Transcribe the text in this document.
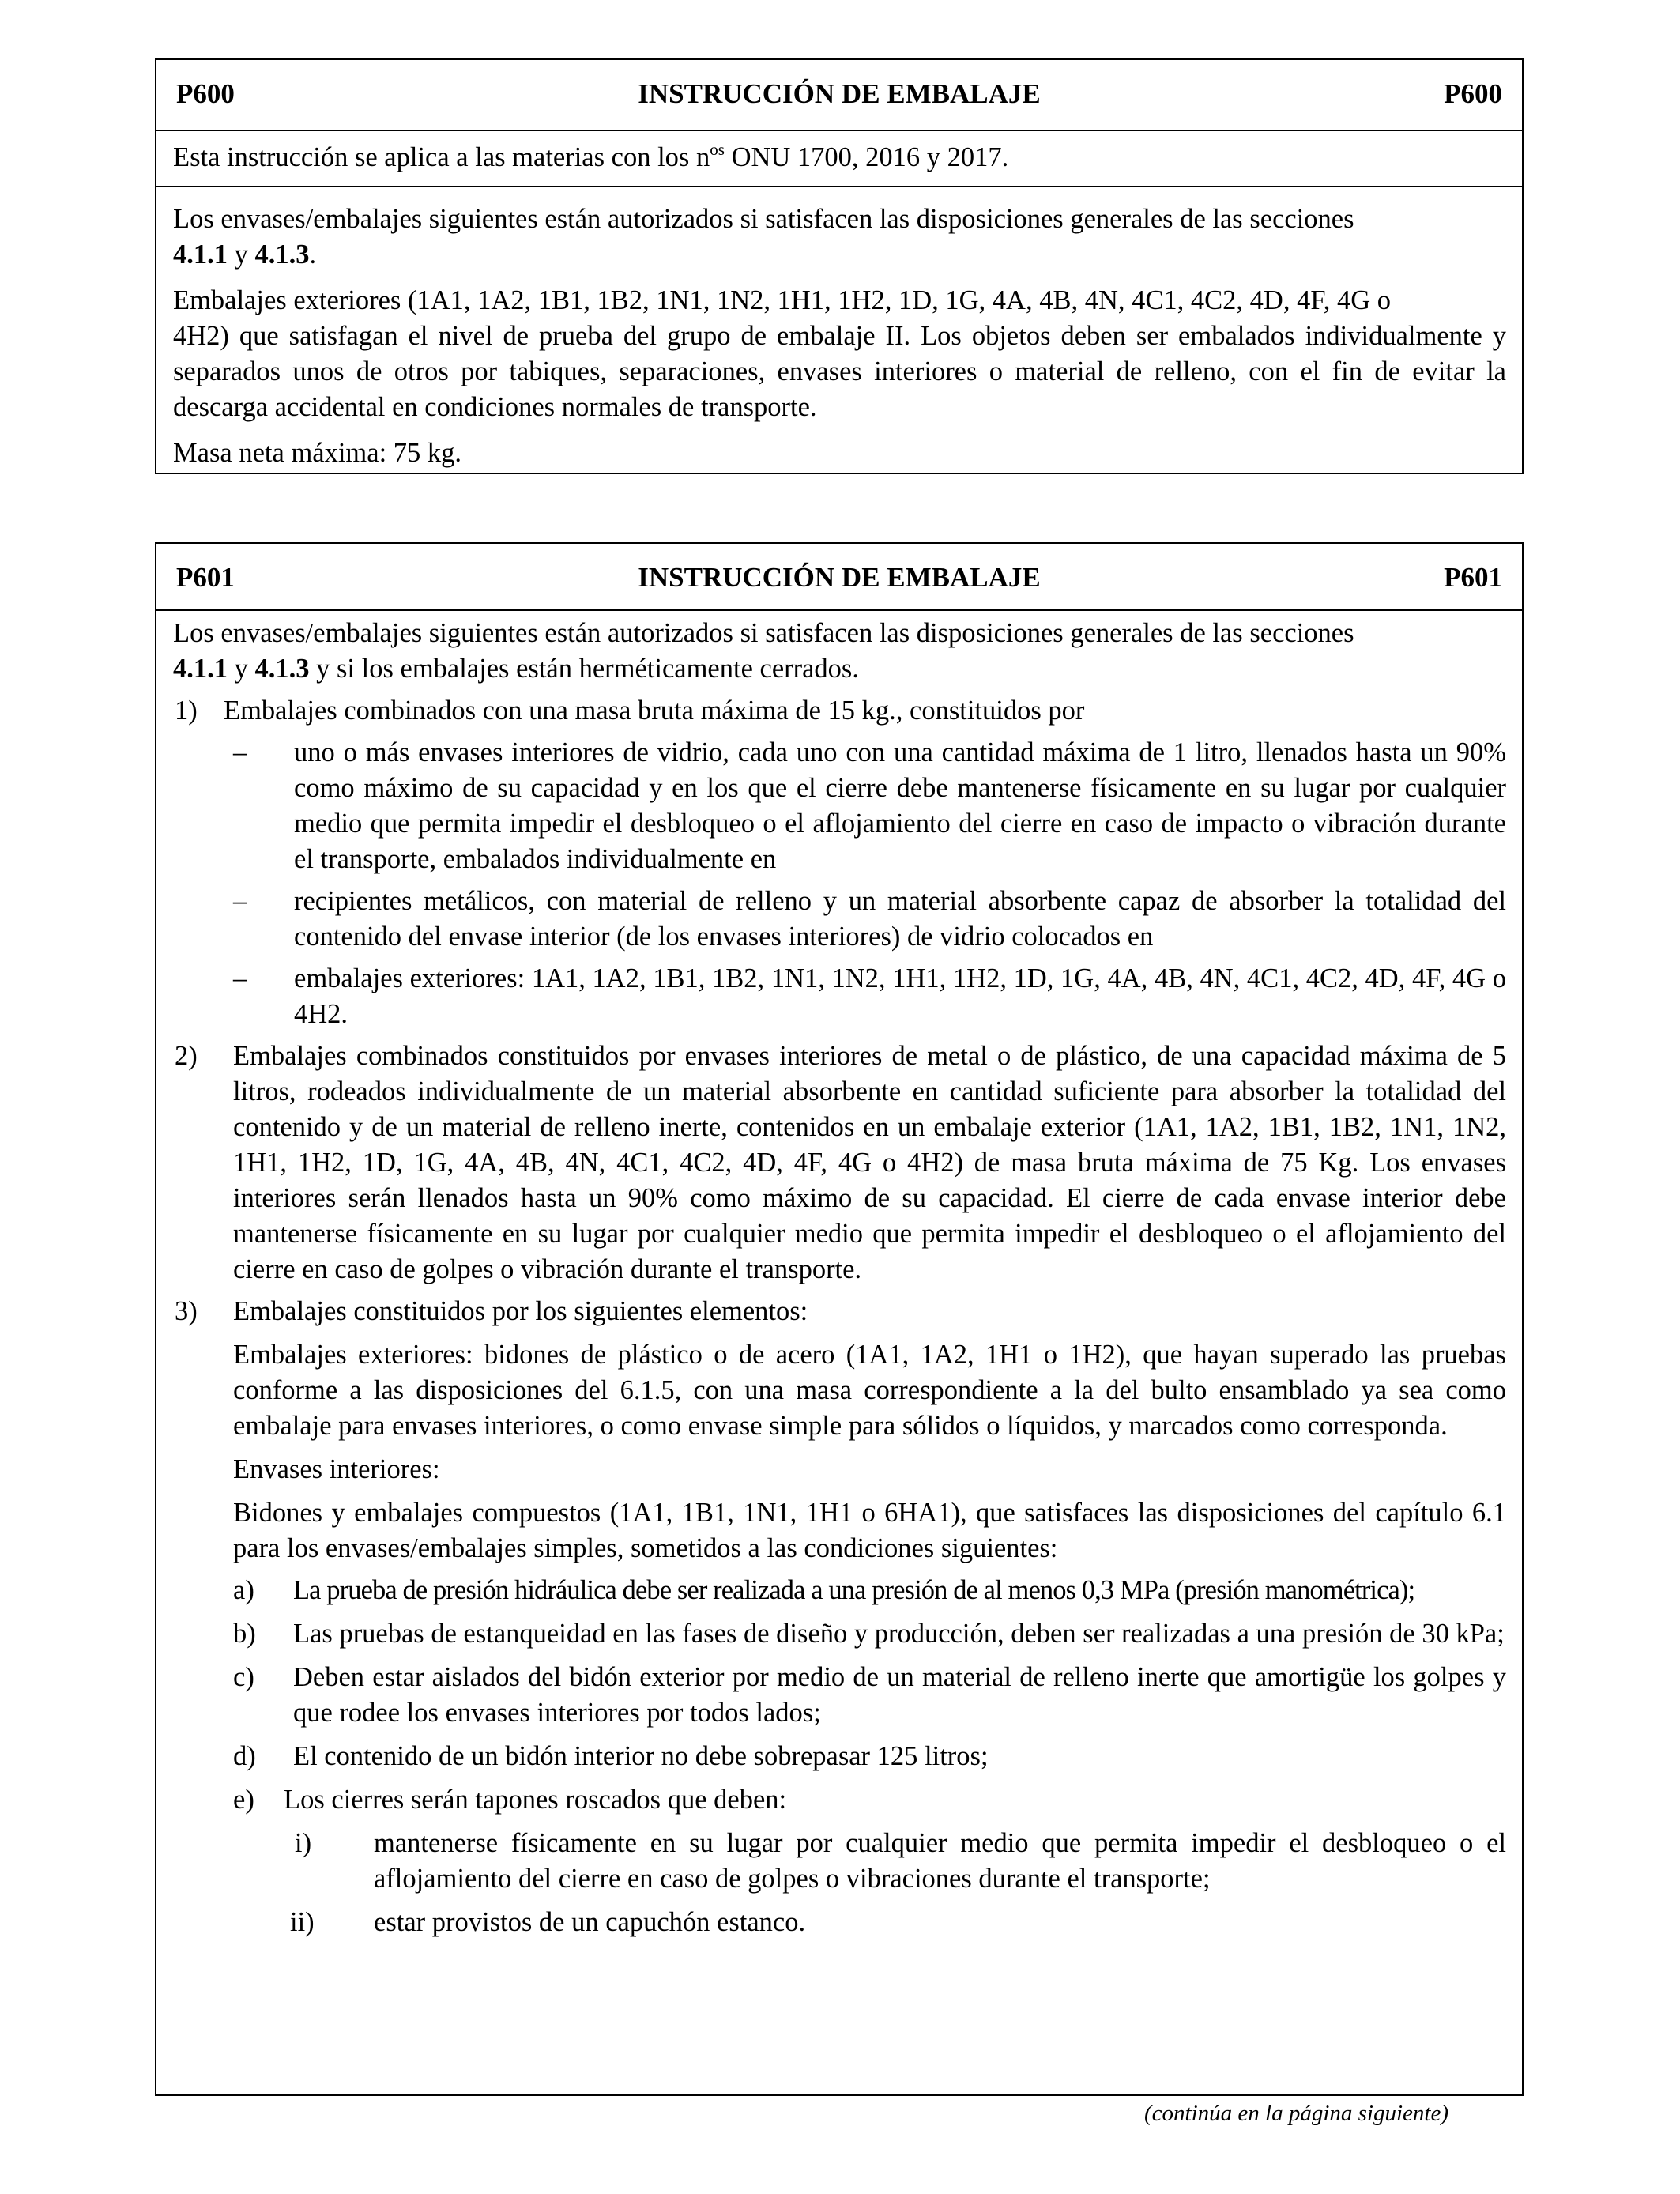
P600	INSTRUCCIÓN DE EMBALAJE	P600

Esta instrucción se aplica a las materias con los $n^{os}$ ONU 1700, 2016 y 2017.

Los envases/embalajes siguientes están autorizados si satisfacen las disposiciones generales de las secciones
4.1.1 y 4.1.3.

Embalajes exteriores (1A1, 1A2, 1B1, 1B2, 1N1, 1N2, 1H1, 1H2, 1D, 1G, 4A, 4B, 4N, 4C1, 4C2, 4D, 4F, 4G o
4H2) que satisfagan el nivel de prueba del grupo de embalaje II. Los objetos deben ser embalados individualmente y separados unos de otros por tabiques, separaciones, envases interiores o material de relleno, con el fin de evitar la descarga accidental en condiciones normales de transporte.

Masa neta máxima: 75 kg.

P601	INSTRUCCIÓN DE EMBALAJE	P601

Los envases/embalajes siguientes están autorizados si satisfacen las disposiciones generales de las secciones
4.1.1 y 4.1.3 y si los embalajes están herméticamente cerrados.

1) Embalajes combinados con una masa bruta máxima de 15 kg., constituidos por

– uno o más envases interiores de vidrio, cada uno con una cantidad máxima de 1 litro, llenados hasta un 90% como máximo de su capacidad y en los que el cierre debe mantenerse físicamente en su lugar por cualquier medio que permita impedir el desbloqueo o el aflojamiento del cierre en caso de impacto o vibración durante el transporte, embalados individualmente en

– recipientes metálicos, con material de relleno y un material absorbente capaz de absorber la totalidad del contenido del envase interior (de los envases interiores) de vidrio colocados en

– embalajes exteriores: 1A1, 1A2, 1B1, 1B2, 1N1, 1N2, 1H1, 1H2, 1D, 1G, 4A, 4B, 4N, 4C1, 4C2, 4D, 4F, 4G o 4H2.

2) Embalajes combinados constituidos por envases interiores de metal o de plástico, de una capacidad máxima de 5 litros, rodeados individualmente de un material absorbente en cantidad suficiente para absorber la totalidad del contenido y de un material de relleno inerte, contenidos en un embalaje exterior (1A1, 1A2, 1B1, 1B2, 1N1, 1N2, 1H1, 1H2, 1D, 1G, 4A, 4B, 4N, 4C1, 4C2, 4D, 4F, 4G o 4H2) de masa bruta máxima de 75 Kg. Los envases interiores serán llenados hasta un 90% como máximo de su capacidad. El cierre de cada envase interior debe mantenerse físicamente en su lugar por cualquier medio que permita impedir el desbloqueo o el aflojamiento del cierre en caso de golpes o vibración durante el transporte.

3) Embalajes constituidos por los siguientes elementos:

Embalajes exteriores: bidones de plástico o de acero (1A1, 1A2, 1H1 o 1H2), que hayan superado las pruebas conforme a las disposiciones del 6.1.5, con una masa correspondiente a la del bulto ensamblado ya sea como embalaje para envases interiores, o como envase simple para sólidos o líquidos, y marcados como corresponda.

Envases interiores:

Bidones y embalajes compuestos (1A1, 1B1, 1N1, 1H1 o 6HA1), que satisfaces las disposiciones del capítulo 6.1 para los envases/embalajes simples, sometidos a las condiciones siguientes:

a) La prueba de presión hidráulica debe ser realizada a una presión de al menos 0,3 MPa (presión manométrica);

b) Las pruebas de estanqueidad en las fases de diseño y producción, deben ser realizadas a una presión de 30 kPa;

c) Deben estar aislados del bidón exterior por medio de un material de relleno inerte que amortigüe los golpes y que rodee los envases interiores por todos lados;

d) El contenido de un bidón interior no debe sobrepasar 125 litros;

e) Los cierres serán tapones roscados que deben:

i) mantenerse físicamente en su lugar por cualquier medio que permita impedir el desbloqueo o el aflojamiento del cierre en caso de golpes o vibraciones durante el transporte;

ii) estar provistos de un capuchón estanco.

(continúa en la página siguiente)
